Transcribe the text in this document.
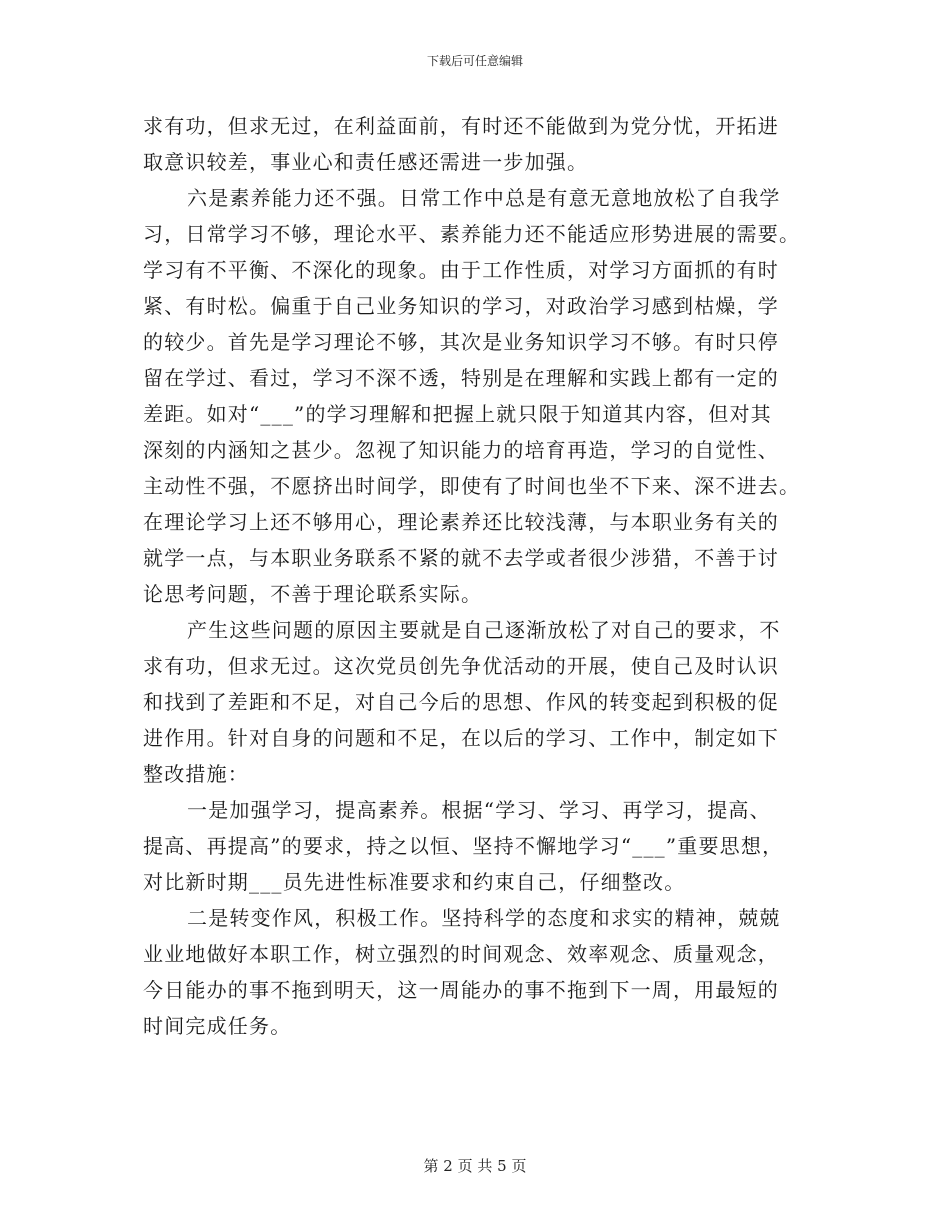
下载后可任意编辑
求有功，但求无过，在利益面前，有时还不能做到为党分忧，开拓进
取意识较差，事业心和责任感还需进一步加强。
六是素养能力还不强。日常工作中总是有意无意地放松了自我学
习，日常学习不够，理论水平、素养能力还不能适应形势进展的需要。
学习有不平衡、不深化的现象。由于工作性质，对学习方面抓的有时
紧、有时松。偏重于自己业务知识的学习，对政治学习感到枯燥，学
的较少。首先是学习理论不够，其次是业务知识学习不够。有时只停
留在学过、看过，学习不深不透，特别是在理解和实践上都有一定的
差距。如对“___”的学习理解和把握上就只限于知道其内容，但对其
深刻的内涵知之甚少。忽视了知识能力的培育再造，学习的自觉性、
主动性不强，不愿挤出时间学，即使有了时间也坐不下来、深不进去。
在理论学习上还不够用心，理论素养还比较浅薄，与本职业务有关的
就学一点，与本职业务联系不紧的就不去学或者很少涉猎，不善于讨
论思考问题，不善于理论联系实际。
产生这些问题的原因主要就是自己逐渐放松了对自己的要求，不
求有功，但求无过。这次党员创先争优活动的开展，使自己及时认识
和找到了差距和不足，对自己今后的思想、作风的转变起到积极的促
进作用。针对自身的问题和不足，在以后的学习、工作中，制定如下
整改措施：
一是加强学习，提高素养。根据“学习、学习、再学习，提高、
提高、再提高”的要求，持之以恒、坚持不懈地学习“___”重要思想，
对比新时期___员先进性标准要求和约束自己，仔细整改。
二是转变作风，积极工作。坚持科学的态度和求实的精神，兢兢
业业地做好本职工作，树立强烈的时间观念、效率观念、质量观念，
今日能办的事不拖到明天，这一周能办的事不拖到下一周，用最短的
时间完成任务。
第 2 页 共 5 页
